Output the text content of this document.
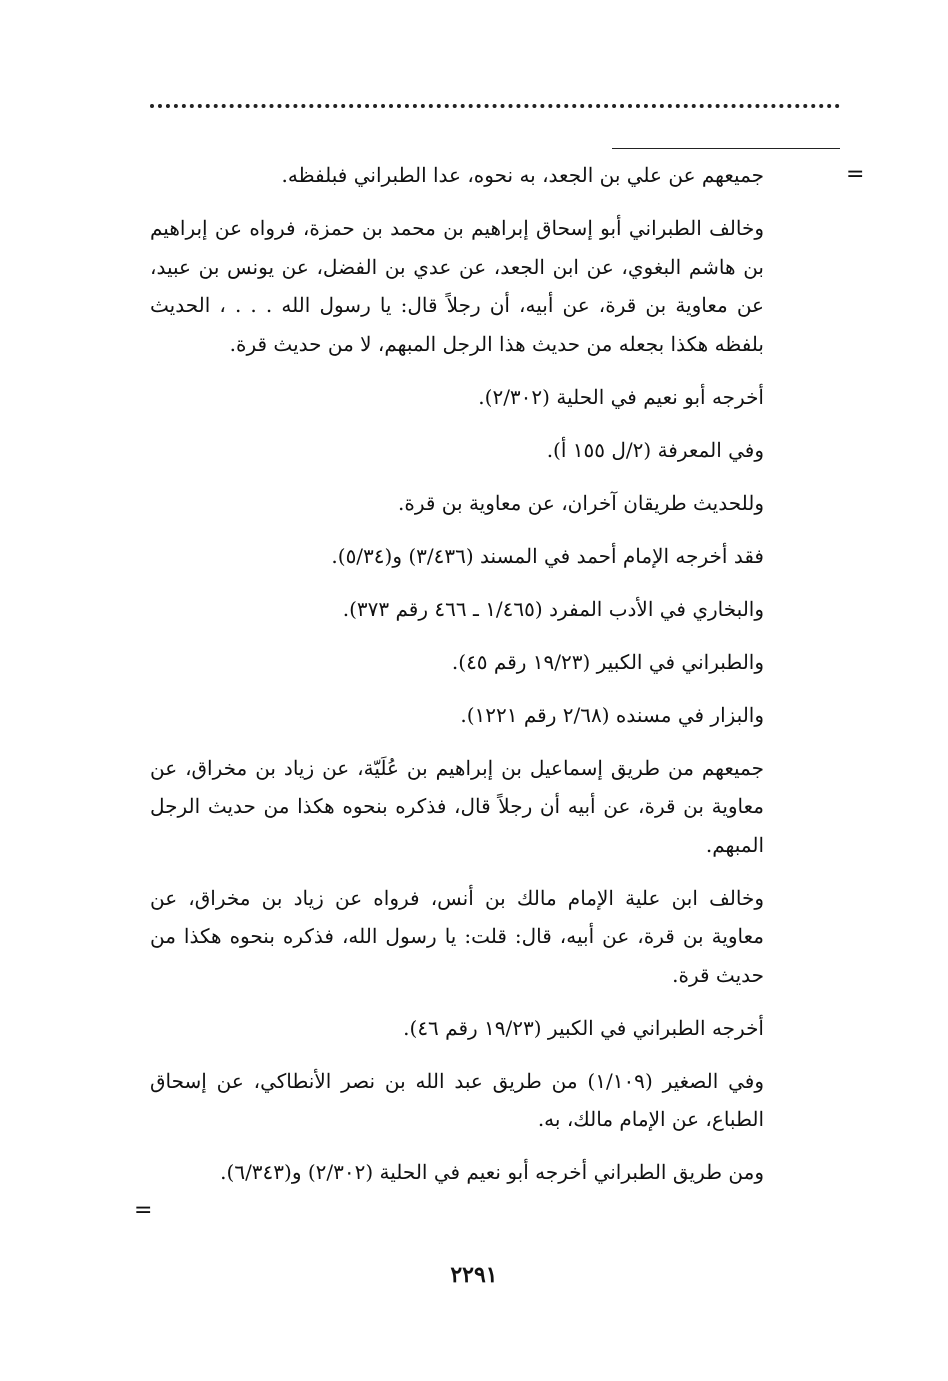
=

جميعهم عن علي بن الجعد، به نحوه، عدا الطبراني فبلفظه.

وخالف الطبراني أبو إسحاق إبراهيم بن محمد بن حمزة، فرواه عن إبراهيم بن هاشم البغوي، عن ابن الجعد، عن عدي بن الفضل، عن يونس بن عبيد، عن معاوية بن قرة، عن أبيه، أن رجلاً قال: يا رسول الله . . . ، الحديث بلفظه هكذا بجعله من حديث هذا الرجل المبهم، لا من حديث قرة.

أخرجه أبو نعيم في الحلية (٢/٣٠٢).

وفي المعرفة (٢/ل ١٥٥ أ).

وللحديث طريقان آخران، عن معاوية بن قرة.

فقد أخرجه الإمام أحمد في المسند (٣/٤٣٦) و(٥/٣٤).

والبخاري في الأدب المفرد (١/٤٦٥ ـ ٤٦٦ رقم ٣٧٣).

والطبراني في الكبير (١٩/٢٣ رقم ٤٥).

والبزار في مسنده (٢/٦٨ رقم ١٢٢١).

جميعهم من طريق إسماعيل بن إبراهيم بن عُلَيّة، عن زياد بن مخراق، عن معاوية بن قرة، عن أبيه أن رجلاً قال، فذكره بنحوه هكذا من حديث الرجل المبهم.

وخالف ابن علية الإمام مالك بن أنس، فرواه عن زياد بن مخراق، عن معاوية بن قرة، عن أبيه، قال: قلت: يا رسول الله، فذكره بنحوه هكذا من حديث قرة.

أخرجه الطبراني في الكبير (١٩/٢٣ رقم ٤٦).

وفي الصغير (١/١٠٩) من طريق عبد الله بن نصر الأنطاكي، عن إسحاق الطباع، عن الإمام مالك، به.

ومن طريق الطبراني أخرجه أبو نعيم في الحلية (٢/٣٠٢) و(٦/٣٤٣).

=
٢٢٩١
